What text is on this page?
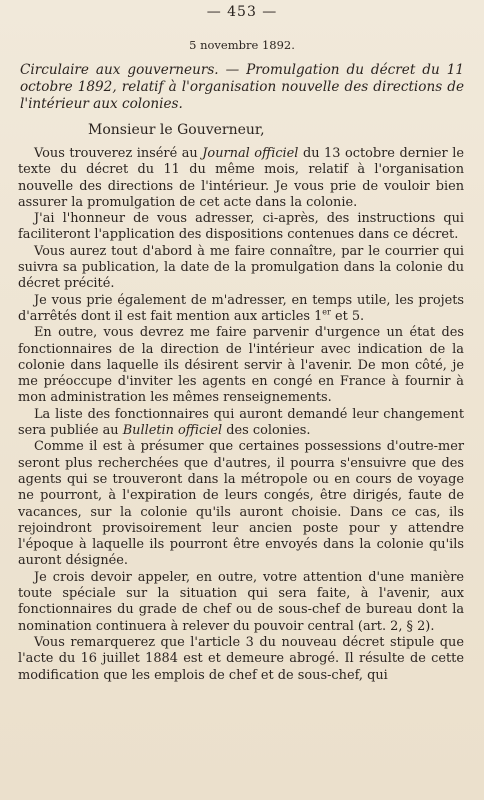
— 453 —
5 novembre 1892.
Circulaire aux gouverneurs. — Promulgation du décret du 11 octobre 1892, relatif à l'organisation nouvelle des directions de l'intérieur aux colonies.
Monsieur le Gouverneur,

Vous trouverez inséré au Journal officiel du 13 octobre dernier le texte du décret du 11 du même mois, relatif à l'organisation nouvelle des directions de l'intérieur. Je vous prie de vouloir bien assurer la promulgation de cet acte dans la colonie.

J'ai l'honneur de vous adresser, ci-après, des instructions qui faciliteront l'application des dispositions contenues dans ce décret.

Vous aurez tout d'abord à me faire connaître, par le courrier qui suivra sa publication, la date de la promulgation dans la colonie du décret précité.

Je vous prie également de m'adresser, en temps utile, les projets d'arrêtés dont il est fait mention aux articles 1er et 5.

En outre, vous devrez me faire parvenir d'urgence un état des fonctionnaires de la direction de l'intérieur avec indication de la colonie dans laquelle ils désirent servir à l'avenir. De mon côté, je me préoccupe d'inviter les agents en congé en France à fournir à mon administration les mêmes renseignements.

La liste des fonctionnaires qui auront demandé leur changement sera publiée au Bulletin officiel des colonies.

Comme il est à présumer que certaines possessions d'outre-mer seront plus recherchées que d'autres, il pourra s'ensuivre que des agents qui se trouveront dans la métropole ou en cours de voyage ne pourront, à l'expiration de leurs congés, être dirigés, faute de vacances, sur la colonie qu'ils auront choisie. Dans ce cas, ils rejoindront provisoirement leur ancien poste pour y attendre l'époque à laquelle ils pourront être envoyés dans la colonie qu'ils auront désignée.

Je crois devoir appeler, en outre, votre attention d'une manière toute spéciale sur la situation qui sera faite, à l'avenir, aux fonctionnaires du grade de chef ou de sous-chef de bureau dont la nomination continuera à relever du pouvoir central (art. 2, § 2).

Vous remarquerez que l'article 3 du nouveau décret stipule que l'acte du 16 juillet 1884 est et demeure abrogé. Il résulte de cette modification que les emplois de chef et de sous-chef, qui
